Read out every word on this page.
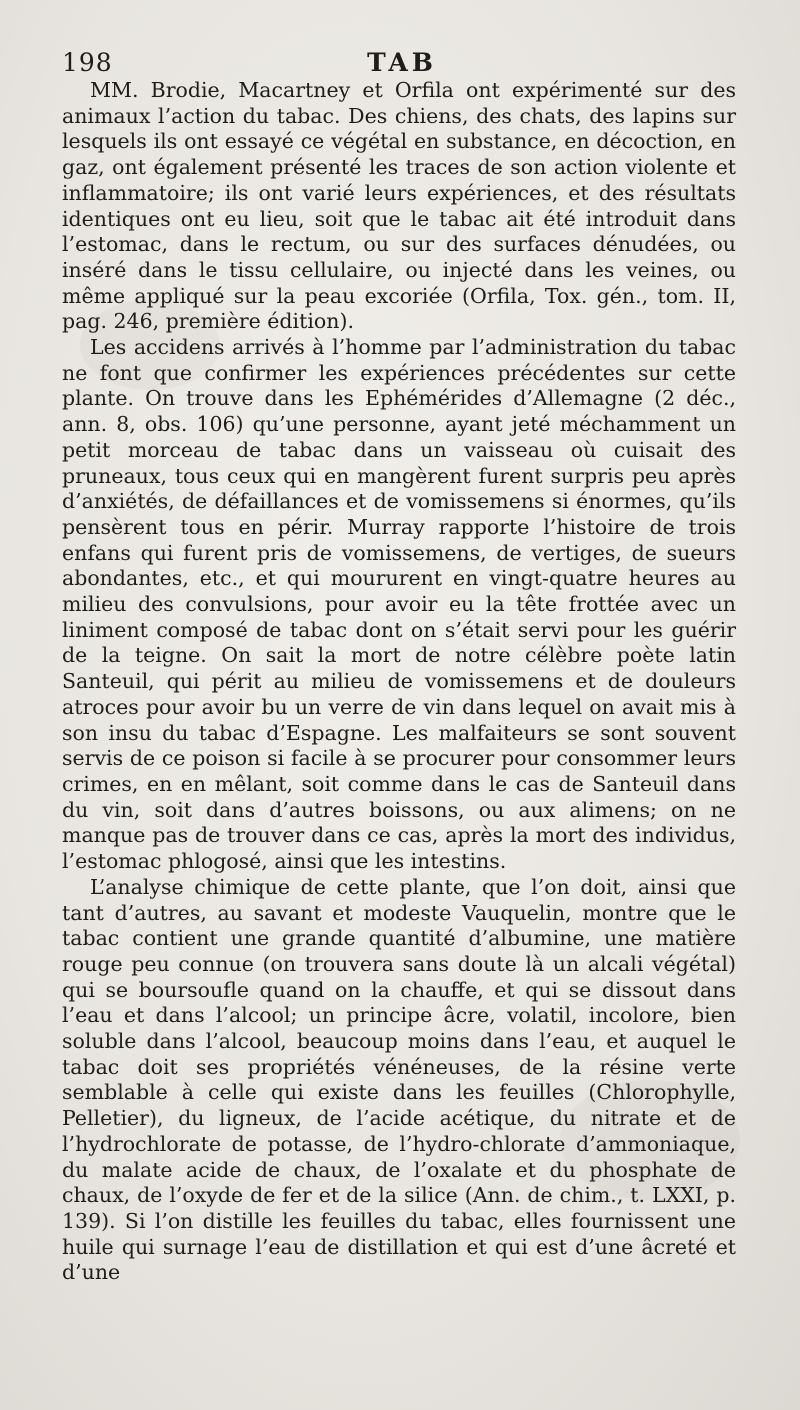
198	TAB

MM. Brodie, Macartney et Orfila ont expérimenté sur des animaux l’action du tabac. Des chiens, des chats, des lapins sur lesquels ils ont essayé ce végétal en substance, en décoction, en gaz, ont également présenté les traces de son action violente et inflammatoire; ils ont varié leurs expériences, et des résultats identiques ont eu lieu, soit que le tabac ait été introduit dans l’estomac, dans le rectum, ou sur des surfaces dénudées, ou inséré dans le tissu cellulaire, ou injecté dans les veines, ou même appliqué sur la peau excoriée (Orfila, Tox. gén., tom. II, pag. 246, première édition).

Les accidens arrivés à l’homme par l’administration du tabac ne font que confirmer les expériences précédentes sur cette plante. On trouve dans les Ephémérides d’Allemagne (2 déc., ann. 8, obs. 106) qu’une personne, ayant jeté méchamment un petit morceau de tabac dans un vaisseau où cuisait des pruneaux, tous ceux qui en mangèrent furent surpris peu après d’anxiétés, de défaillances et de vomissemens si énormes, qu’ils pensèrent tous en périr. Murray rapporte l’histoire de trois enfans qui furent pris de vomissemens, de vertiges, de sueurs abondantes, etc., et qui moururent en vingt-quatre heures au milieu des convulsions, pour avoir eu la tête frottée avec un liniment composé de tabac dont on s’était servi pour les guérir de la teigne. On sait la mort de notre célèbre poète latin Santeuil, qui périt au milieu de vomissemens et de douleurs atroces pour avoir bu un verre de vin dans lequel on avait mis à son insu du tabac d’Espagne. Les malfaiteurs se sont souvent servis de ce poison si facile à se procurer pour consommer leurs crimes, en en mêlant, soit comme dans le cas de Santeuil dans du vin, soit dans d’autres boissons, ou aux alimens; on ne manque pas de trouver dans ce cas, après la mort des individus, l’estomac phlogosé, ainsi que les intestins.

L’analyse chimique de cette plante, que l’on doit, ainsi que tant d’autres, au savant et modeste Vauquelin, montre que le tabac contient une grande quantité d’albumine, une matière rouge peu connue (on trouvera sans doute là un alcali végétal) qui se boursoufle quand on la chauffe, et qui se dissout dans l’eau et dans l’alcool; un principe âcre, volatil, incolore, bien soluble dans l’alcool, beaucoup moins dans l’eau, et auquel le tabac doit ses propriétés vénéneuses, de la résine verte semblable à celle qui existe dans les feuilles (Chlorophylle, Pelletier), du ligneux, de l’acide acétique, du nitrate et de l’hydrochlorate de potasse, de l’hydro-chlorate d’ammoniaque, du malate acide de chaux, de l’oxalate et du phosphate de chaux, de l’oxyde de fer et de la silice (Ann. de chim., t. LXXI, p. 139). Si l’on distille les feuilles du tabac, elles fournissent une huile qui surnage l’eau de distillation et qui est d’une âcreté et d’une
